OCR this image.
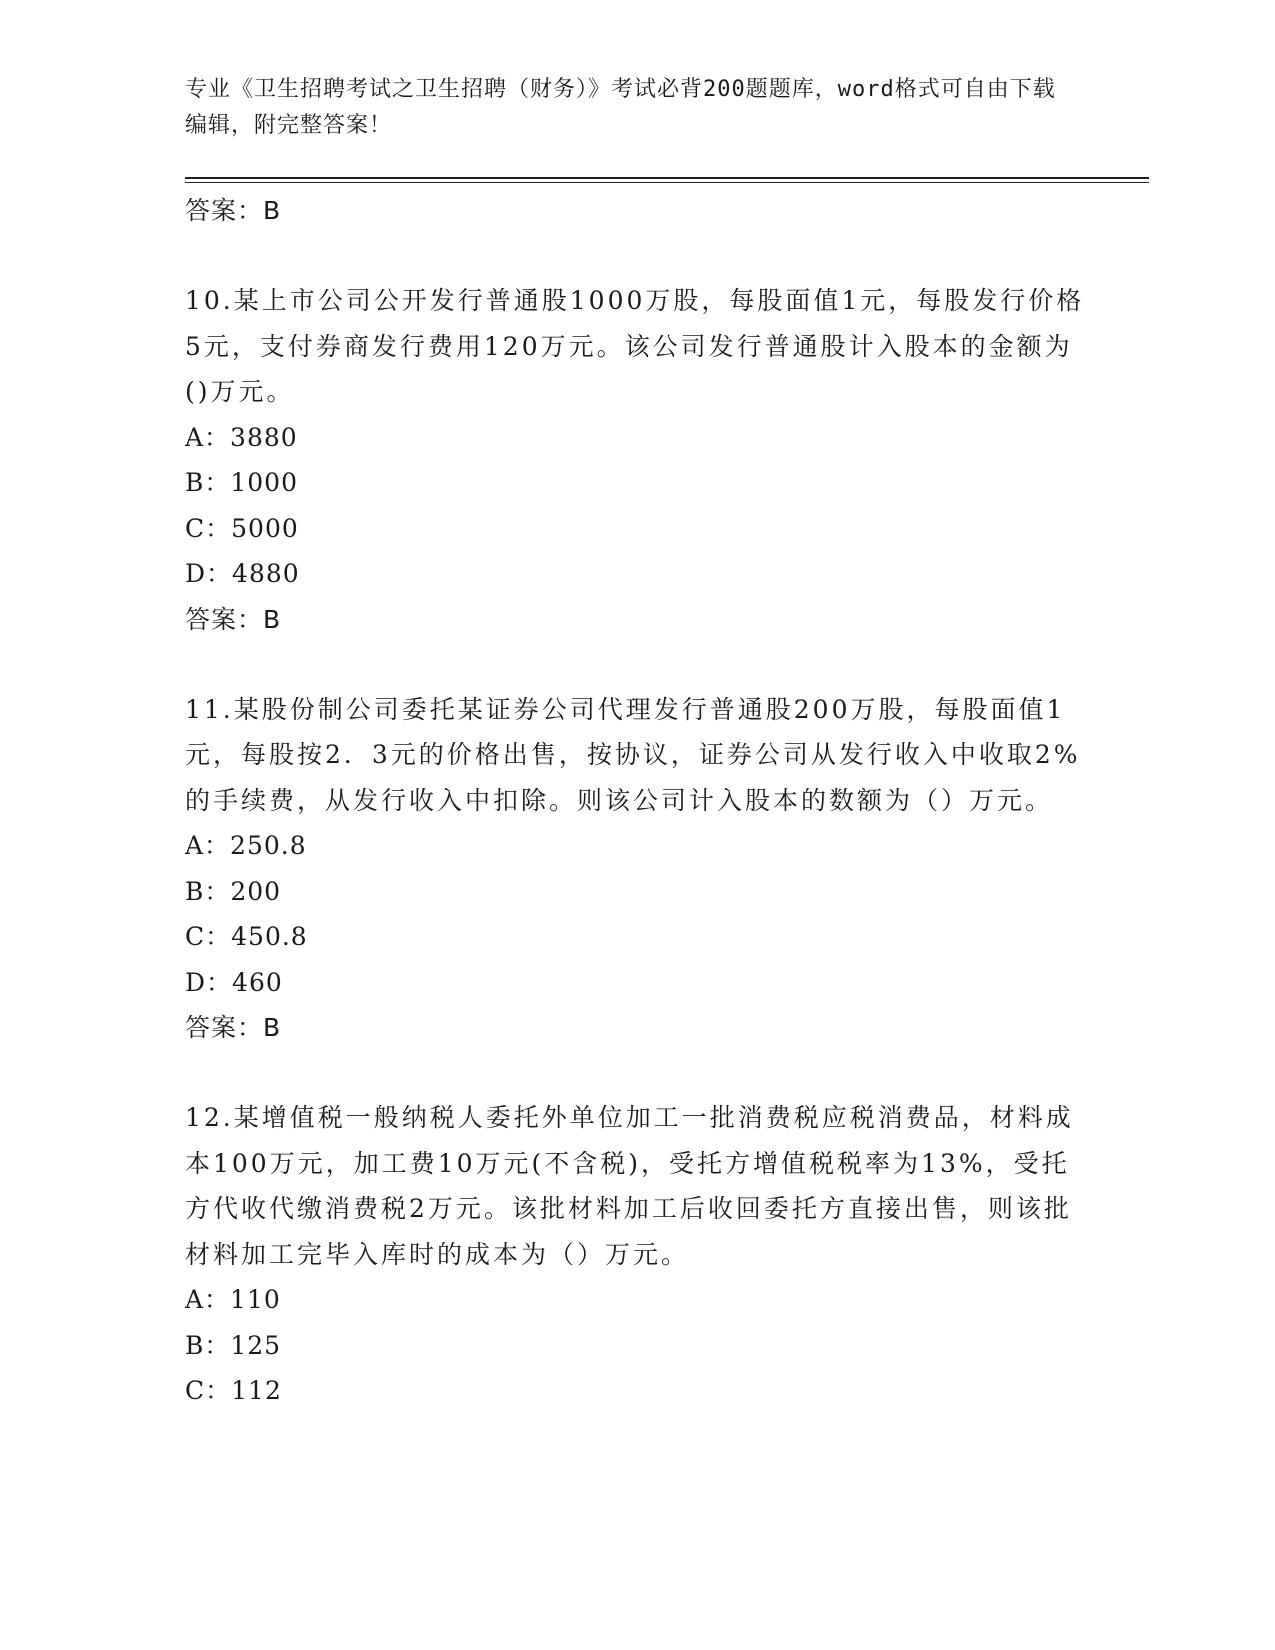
专业《卫生招聘考试之卫生招聘（财务）》考试必背200题题库，word格式可自由下载编辑，附完整答案！
答案：B
10.某上市公司公开发行普通股1000万股，每股面值1元，每股发行价格5元，支付券商发行费用120万元。该公司发行普通股计入股本的金额为()万元。
A：3880
B：1000
C：5000
D：4880
答案：B
11.某股份制公司委托某证券公司代理发行普通股200万股，每股面值1元，每股按2．3元的价格出售，按协议，证券公司从发行收入中收取2%的手续费，从发行收入中扣除。则该公司计入股本的数额为（）万元。
A：250.8
B：200
C：450.8
D：460
答案：B
12.某增值税一般纳税人委托外单位加工一批消费税应税消费品，材料成本100万元，加工费10万元(不含税)，受托方增值税税率为13%，受托方代收代缴消费税2万元。该批材料加工后收回委托方直接出售，则该批材料加工完毕入库时的成本为（）万元。
A：110
B：125
C：112
